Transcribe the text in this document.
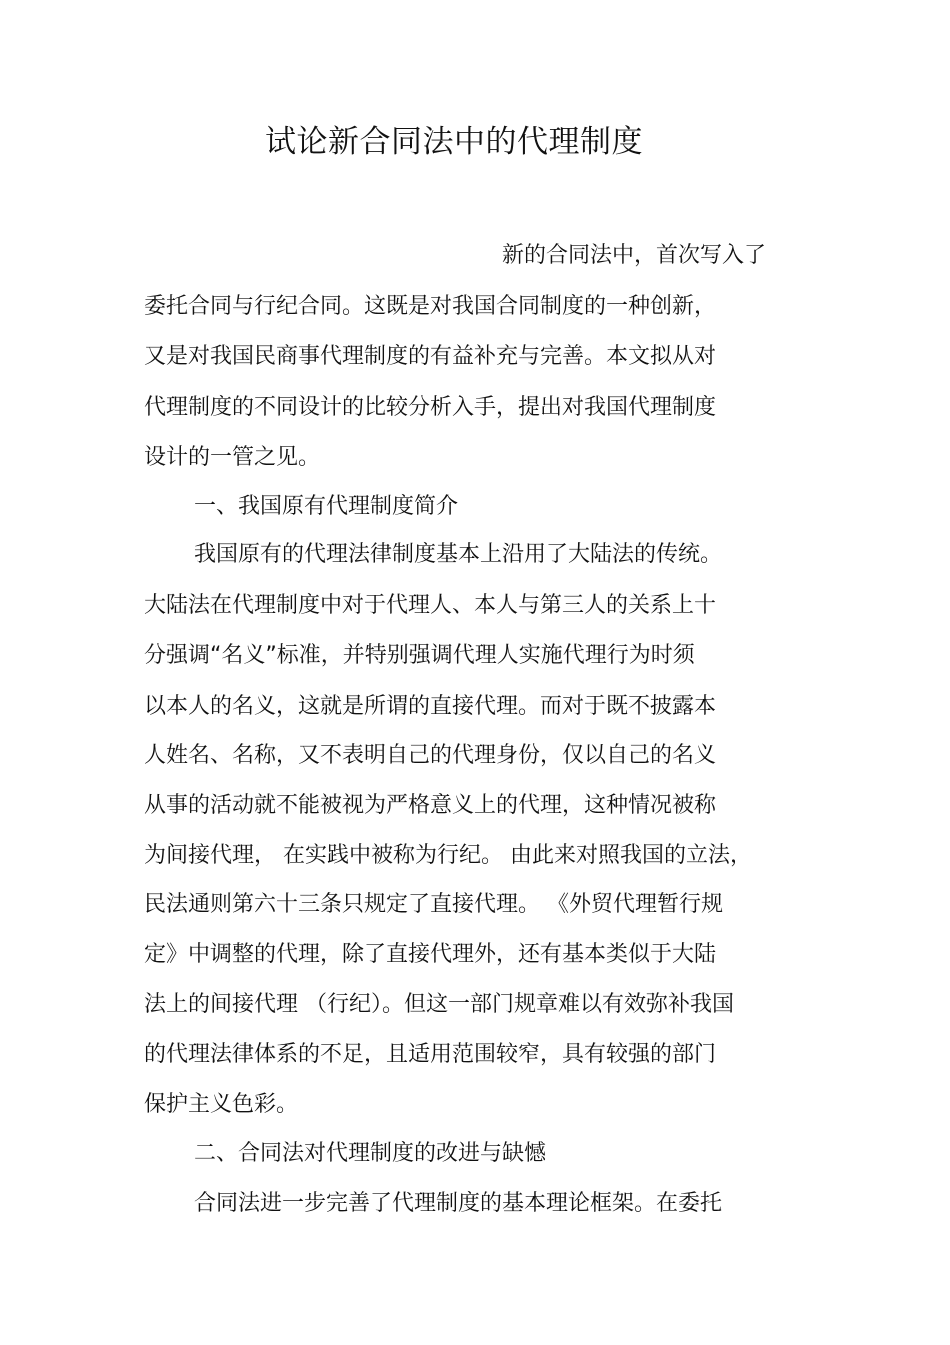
试论新合同法中的代理制度

新的合同法中，首次写入了

委托合同与行纪合同。这既是对我国合同制度的一种创新，

又是对我国民商事代理制度的有益补充与完善。本文拟从对

代理制度的不同设计的比较分析入手，提出对我国代理制度

设计的一管之见。

一、我国原有代理制度简介

我国原有的代理法律制度基本上沿用了大陆法的传统。

大陆法在代理制度中对于代理人、本人与第三人的关系上十

分强调“名义”标准，并特别强调代理人实施代理行为时须

以本人的名义，这就是所谓的直接代理。而对于既不披露本

人姓名、名称，又不表明自己的代理身份，仅以自己的名义

从事的活动就不能被视为严格意义上的代理，这种情况被称

为间接代理， 在实践中被称为行纪。 由此来对照我国的立法，

民法通则第六十三条只规定了直接代理。 《外贸代理暂行规

定》中调整的代理，除了直接代理外，还有基本类似于大陆

法上的间接代理 （行纪）。但这一部门规章难以有效弥补我国

的代理法律体系的不足，且适用范围较窄，具有较强的部门

保护主义色彩。

二、合同法对代理制度的改进与缺憾

合同法进一步完善了代理制度的基本理论框架。在委托
